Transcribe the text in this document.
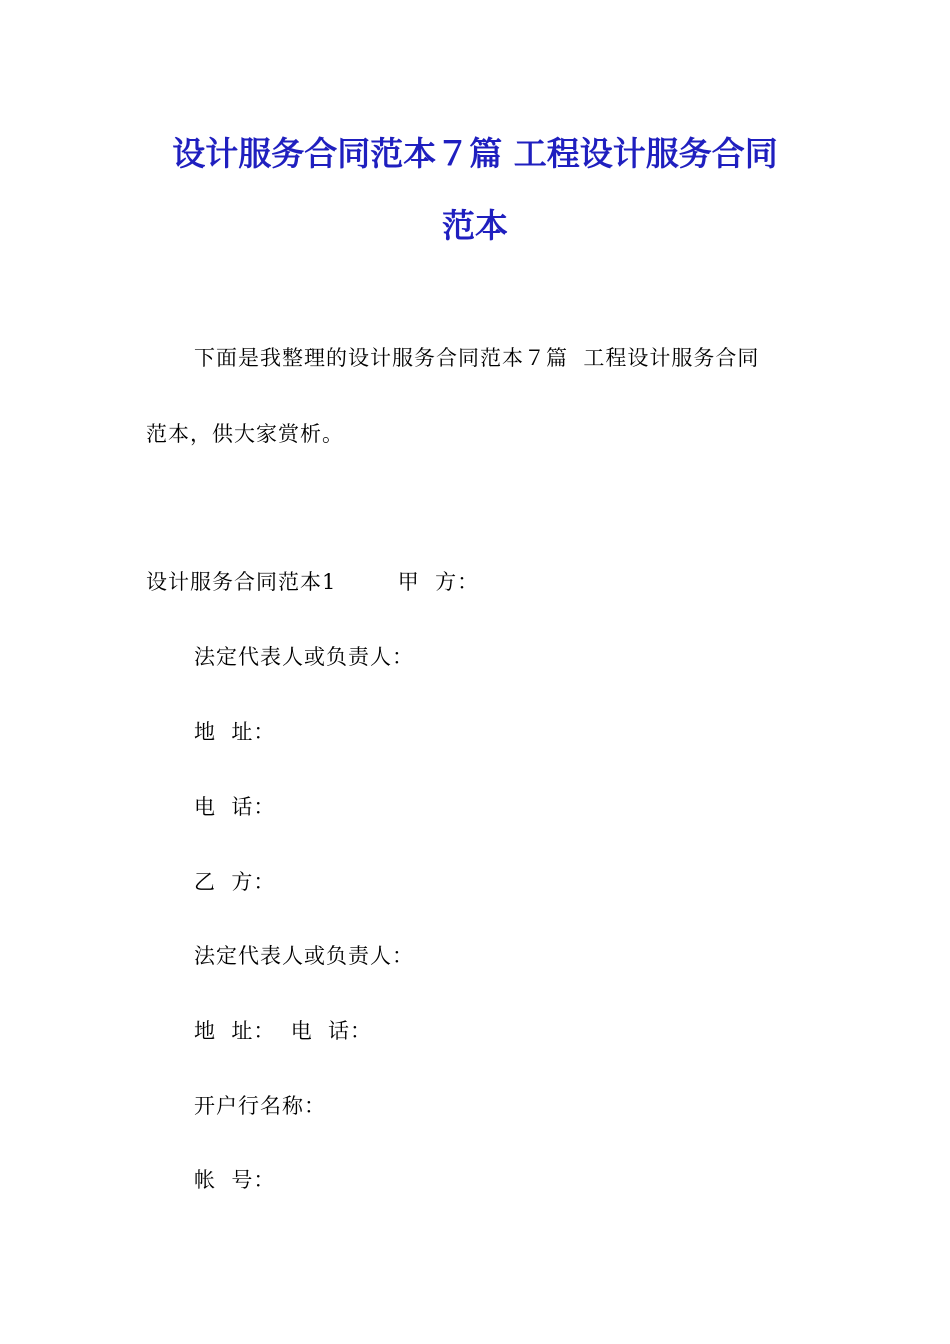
设计服务合同范本７篇 工程设计服务合同
范本
下面是我整理的设计服务合同范本７篇  工程设计服务合同
范本，供大家赏析。
设计服务合同范本1        甲  方：
法定代表人或负责人：
地  址：
电  话：
乙  方：
法定代表人或负责人：
地  址：  电  话：
开户行名称：
帐  号：
